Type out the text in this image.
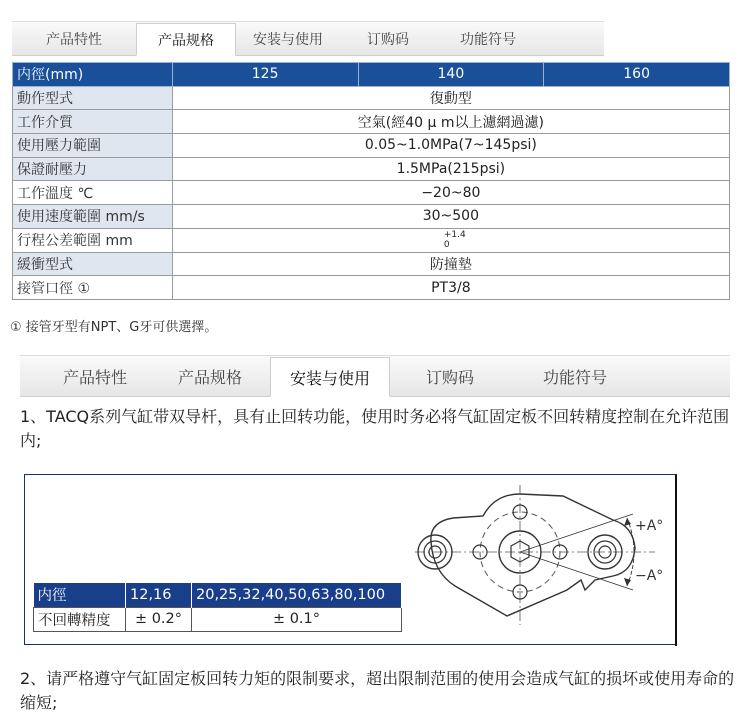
产品特性	产品规格	安装与使用	订购码	功能符号
内徑(mm)	125	140	160
動作型式	復動型		
工作介質	空氣(經40 μ m以上濾網過濾)		
使用壓力範圍	0.05~1.0MPa(7~145psi)		
保證耐壓力	1.5MPa(215psi)		
工作溫度 ℃	−20~80		
使用速度範圍 mm/s	30~500		
行程公差範圍 mm	+1.4
0		

緩衝型式	防撞墊		
接管口徑 ①	PT3/8		
① 接管牙型有NPT、G牙可供選擇。
产品特性	产品规格	安装与使用	订购码	功能符号
1、TACQ系列气缸带双导杆，具有止回转功能，使用时务必将气缸固定板不回转精度控制在允许范围内;
内徑	12,16	20,25,32,40,50,63,80,100
不回轉精度	± 0.2°	± 0.1°
+A°
−A°
2、请严格遵守气缸固定板回转力矩的限制要求，超出限制范围的使用会造成气缸的损坏或使用寿命的缩短;
